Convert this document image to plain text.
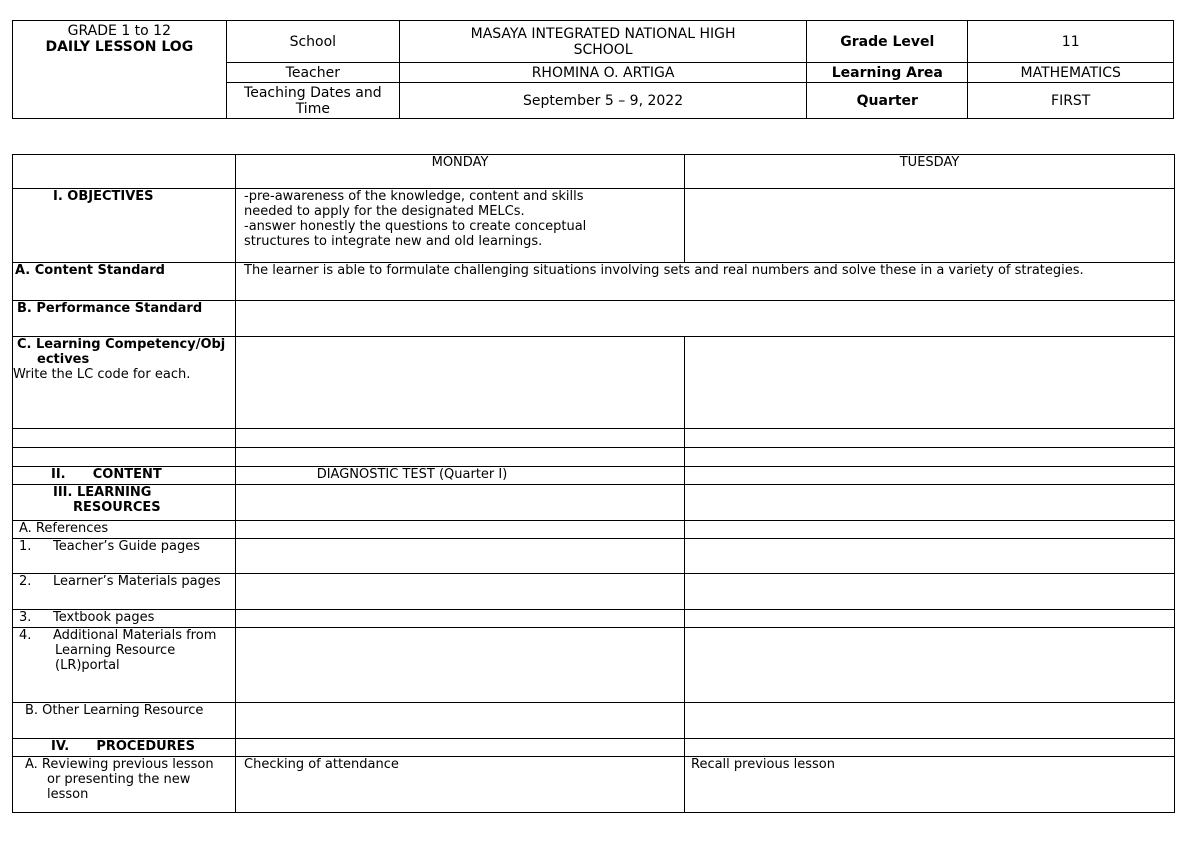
GRADE 1 to 12
DAILY LESSON LOG	School	MASAYA INTEGRATED NATIONAL HIGH SCHOOL	Grade Level	11
	Teacher	RHOMINA O. ARTIGA	Learning Area	MATHEMATICS
	Teaching Dates and Time	September 5 – 9, 2022	Quarter	FIRST
	MONDAY	TUESDAY
I. OBJECTIVES	-pre-awareness of the knowledge, content and skills
needed to apply for the designated MELCs.
-answer honestly the questions to create conceptual
structures to integrate new and old learnings.	

A. Content Standard	The learner is able to formulate challenging situations involving sets and real numbers and solve these in a variety of strategies.	

B. Performance Standard		

C. Learning Competency/Objectives
Write the LC code for each.		

II.      CONTENT	DIAGNOSTIC TEST (Quarter I)	

III. LEARNING RESOURCES		

A. References		

1. Teacher’s Guide pages		

2. Learner’s Materials pages		

3. Textbook pages		

4. Additional Materials from Learning Resource (LR)portal		

B. Other Learning Resource		

IV.      PROCEDURES		

A. Reviewing previous lesson or presenting the new lesson	Checking of attendance	Recall previous lesson
